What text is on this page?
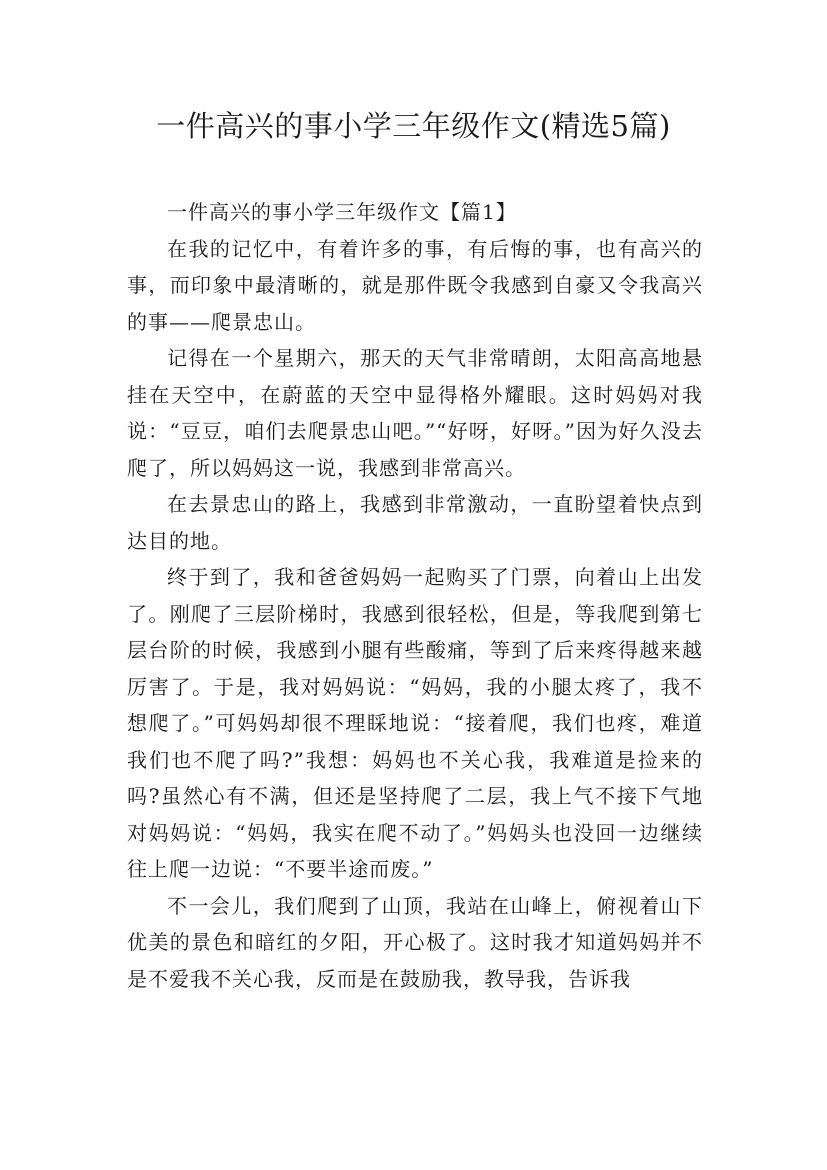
一件高兴的事小学三年级作文(精选5篇)

一件高兴的事小学三年级作文【篇1】

在我的记忆中，有着许多的事，有后悔的事，也有高兴的事，而印象中最清晰的，就是那件既令我感到自豪又令我高兴的事——爬景忠山。

记得在一个星期六，那天的天气非常晴朗，太阳高高地悬挂在天空中，在蔚蓝的天空中显得格外耀眼。这时妈妈对我说：“豆豆，咱们去爬景忠山吧。”“好呀，好呀。”因为好久没去爬了，所以妈妈这一说，我感到非常高兴。

在去景忠山的路上，我感到非常激动，一直盼望着快点到达目的地。

终于到了，我和爸爸妈妈一起购买了门票，向着山上出发了。刚爬了三层阶梯时，我感到很轻松，但是，等我爬到第七层台阶的时候，我感到小腿有些酸痛，等到了后来疼得越来越厉害了。于是，我对妈妈说：“妈妈，我的小腿太疼了，我不想爬了。”可妈妈却很不理睬地说：“接着爬，我们也疼，难道我们也不爬了吗?”我想：妈妈也不关心我，我难道是捡来的吗?虽然心有不满，但还是坚持爬了二层，我上气不接下气地对妈妈说：“妈妈，我实在爬不动了。”妈妈头也没回一边继续往上爬一边说：“不要半途而废。”

不一会儿，我们爬到了山顶，我站在山峰上，俯视着山下优美的景色和暗红的夕阳，开心极了。这时我才知道妈妈并不是不爱我不关心我，反而是在鼓励我，教导我，告诉我
